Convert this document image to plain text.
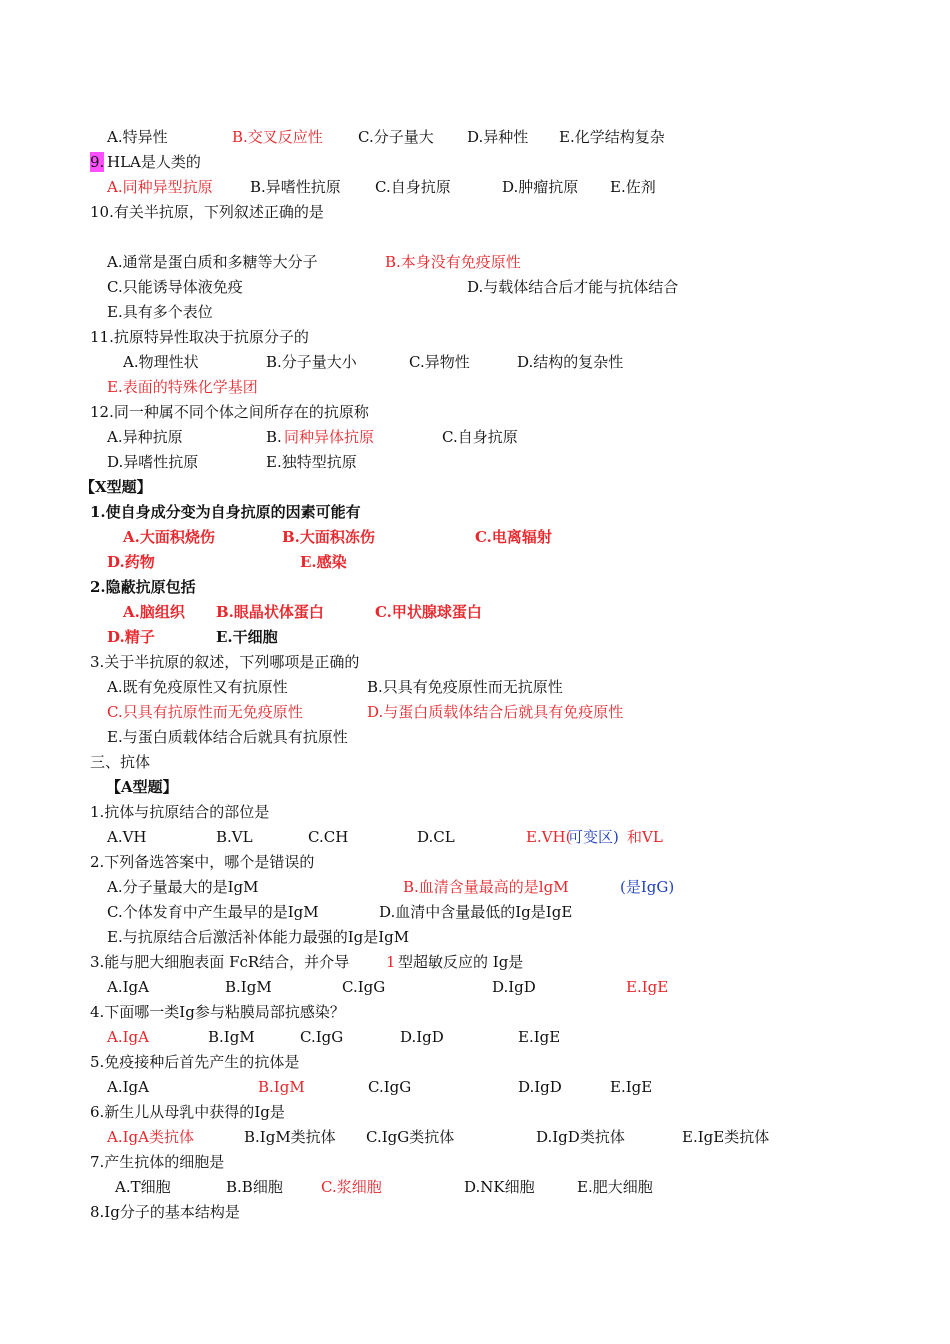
A.特异性	B.交叉反应性 C.分子量大 D.异种性 E.化学结构复杂
9. HLA是人类的
A.同种异型抗原 B.异嗜性抗原 C.自身抗原	D.肿瘤抗原 E.佐剂
10.有关半抗原，下列叙述正确的是
A.通常是蛋白质和多糖等大分子	B.本身没有免疫原性
C.只能诱导体液免疫	D.与载体结合后才能与抗体结合
E.具有多个表位
11.抗原特异性取决于抗原分子的
A.物理性状	B.分子量大小	C.异物性	D.结构的复杂性
E.表面的特殊化学基团
12.同一种属不同个体之间所存在的抗原称
A.异种抗原	B. 同种异体抗原	C.自身抗原
D.异嗜性抗原	E.独特型抗原
【X型题】
1.使自身成分变为自身抗原的因素可能有
A.大面积烧伤	B.大面积冻伤	C.电离辐射
D.药物	E.感染
2.隐蔽抗原包括
A.脑组织 B.眼晶状体蛋白	C.甲状腺球蛋白
D.精子	E.干细胞
3.关于半抗原的叙述，下列哪项是正确的
A.既有免疫原性又有抗原性	B.只具有免疫原性而无抗原性
C.只具有抗原性而无免疫原性	D.与蛋白质载体结合后就具有免疫原性
E.与蛋白质载体结合后就具有抗原性
三、抗体
【A型题】
1.抗体与抗原结合的部位是
A.VH	B.VL	C.CH	D.CL	E.VH(
可变区) 和VL
2.下列备选答案中，哪个是错误的
A.分子量最大的是IgM	B.血清含量最高的是lgM	(是IgG)
C.个体发育中产生最早的是IgM	D.血清中含量最低的Ig是IgE
E.与抗原结合后激活补体能力最强的Ig是IgM
3.能与肥大细胞表面 FcR结合，并介导 1 型超敏反应的 Ig是
A.IgA	B.IgM	C.IgG	D.IgD	E.IgE
4.下面哪一类Ig参与粘膜局部抗感染？
A.IgA	B.IgM	C.IgG	D.IgD	E.IgE
5.免疫接种后首先产生的抗体是
A.IgA	B.IgM	C.IgG	D.IgD	E.IgE
6.新生儿从母乳中获得的Ig是
A.IgA类抗体	B.IgM类抗体 C.IgG类抗体	D.IgD类抗体	E.IgE类抗体
7.产生抗体的细胞是
A.T细胞	B.B细胞	C.浆细胞	D.NK细胞	E.肥大细胞
8.Ig分子的基本结构是
